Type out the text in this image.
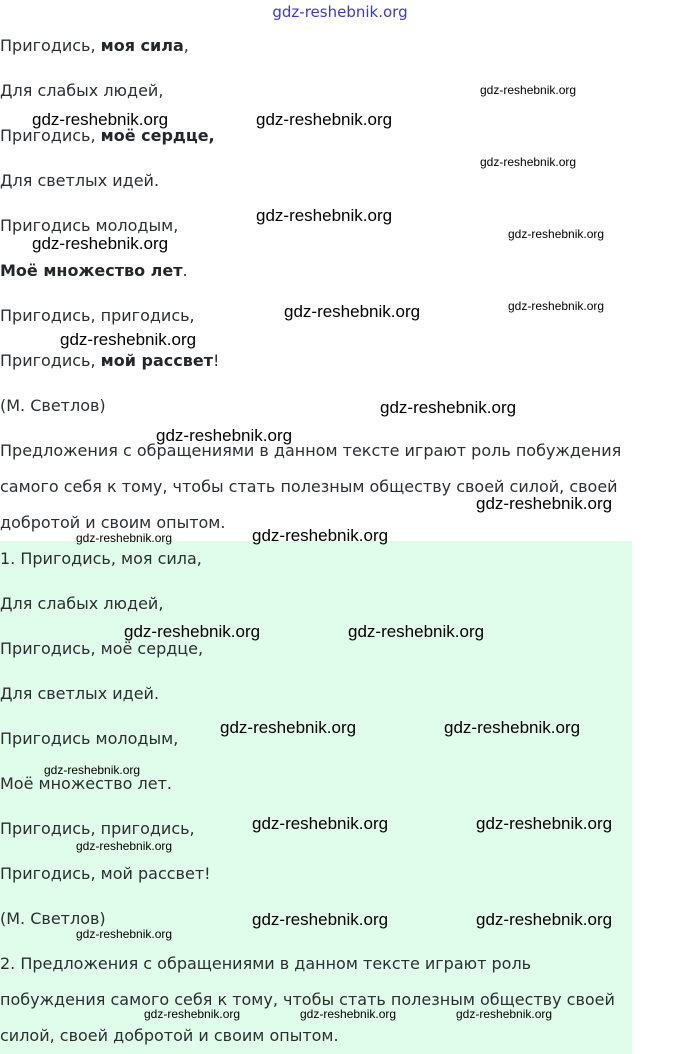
gdz-reshebnik.org

Пригодись, моя сила,

Для слабых людей,

Пригодись, моё сердце,

Для светлых идей.

Пригодись молодым,

Моё множество лет.

Пригодись, пригодись,

Пригодись, мой рассвет!

(М. Светлов)

Предложения с обращениями в данном тексте играют роль побуждения

самого себя к тому, чтобы стать полезным обществу своей силой, своей

добротой и своим опытом.

1. Пригодись, моя сила,

Для слабых людей,

Пригодись, моё сердце,

Для светлых идей.

Пригодись молодым,

Моё множество лет.

Пригодись, пригодись,

Пригодись, мой рассвет!

(М. Светлов)

2. Предложения с обращениями в данном тексте играют роль

побуждения самого себя к тому, чтобы стать полезным обществу своей

силой, своей добротой и своим опытом.

gdz-reshebnik.org
gdz-reshebnik.org	gdz-reshebnik.org
gdz-reshebnik.org
gdz-reshebnik.org
gdz-reshebnik.org
gdz-reshebnik.org
gdz-reshebnik.org
gdz-reshebnik.org
gdz-reshebnik.org
gdz-reshebnik.org
gdz-reshebnik.org
gdz-reshebnik.org
gdz-reshebnik.org
gdz-reshebnik.org
gdz-reshebnik.org	gdz-reshebnik.org
gdz-reshebnik.org	gdz-reshebnik.org
gdz-reshebnik.org
gdz-reshebnik.org	gdz-reshebnik.org
gdz-reshebnik.org
gdz-reshebnik.org	gdz-reshebnik.org
gdz-reshebnik.org
gdz-reshebnik.org	gdz-reshebnik.org	gdz-reshebnik.org
